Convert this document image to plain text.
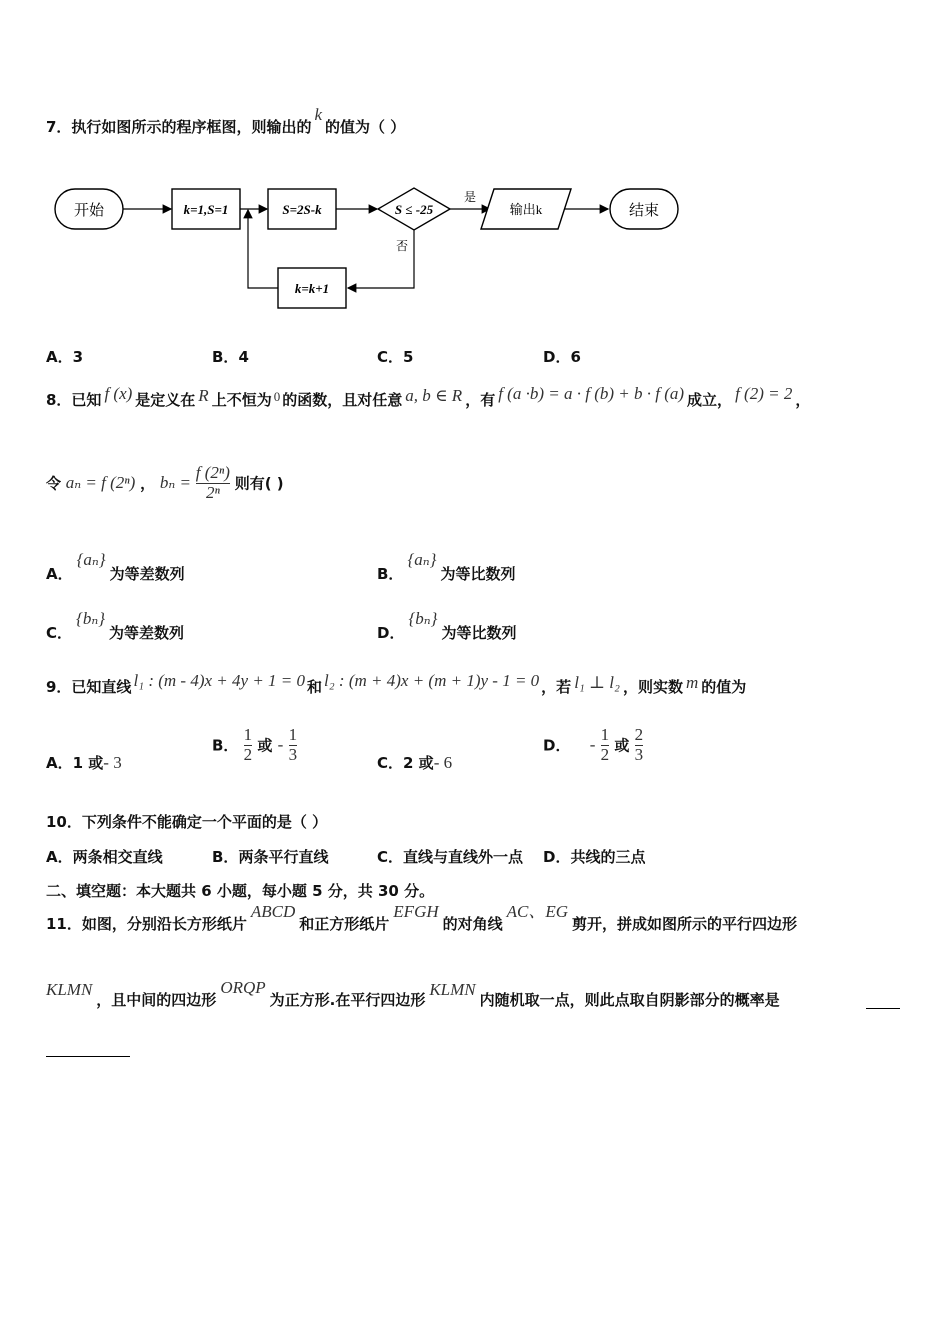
7．执行如图所示的程序框图，则输出的k的值为（ ）
开始	k=1,S=1	S=2S-k	S ≤ -25
是
输出k	结束
否
k=k+1
A．3	B．4	C．5	D．6
8．已知 f (x) 是定义在 R 上不恒为 0 的函数，且对任意 a, b ∈ R ，有 f (a ·b) = a · f (b) + b · f (a) 成立， f (2) = 2 ，
令 aₙ = f (2ⁿ) ， $b_n = \frac{\text{f (2ⁿ)}}{\text{2ⁿ}}$ 则有( )
A．{aₙ}为等差数列	B．{aₙ}为等比数列
C．{bₙ}为等差数列	D．{bₙ}为等比数列
9．已知直线 l₁ : (m - 4)x + 4y + 1 = 0 和 l₂ : (m + 4)x + (m + 1)y - 1 = 0 ，若 l₁ ⊥ l₂ ，则实数 m 的值为
A．1 或- 3
B． $\frac{1}{2}$ 或 - $\frac{1}{3}$	C．2 或- 6
D． - $\frac{1}{2}$ 或 $\frac{2}{3}$
10．下列条件不能确定一个平面的是（ ）
A．两条相交直线	B．两条平行直线	C．直线与直线外一点 D．共线的三点
二、填空题：本大题共 6 小题，每小题 5 分，共 30 分。
11．如图，分别沿长方形纸片ABCD和正方形纸片EFGH的对角线AC、EG剪开，拼成如图所示的平行四边形
KLMN，且中间的四边形ORQP为正方形.在平行四边形KLMN内随机取一点，则此点取自阴影部分的概率是
